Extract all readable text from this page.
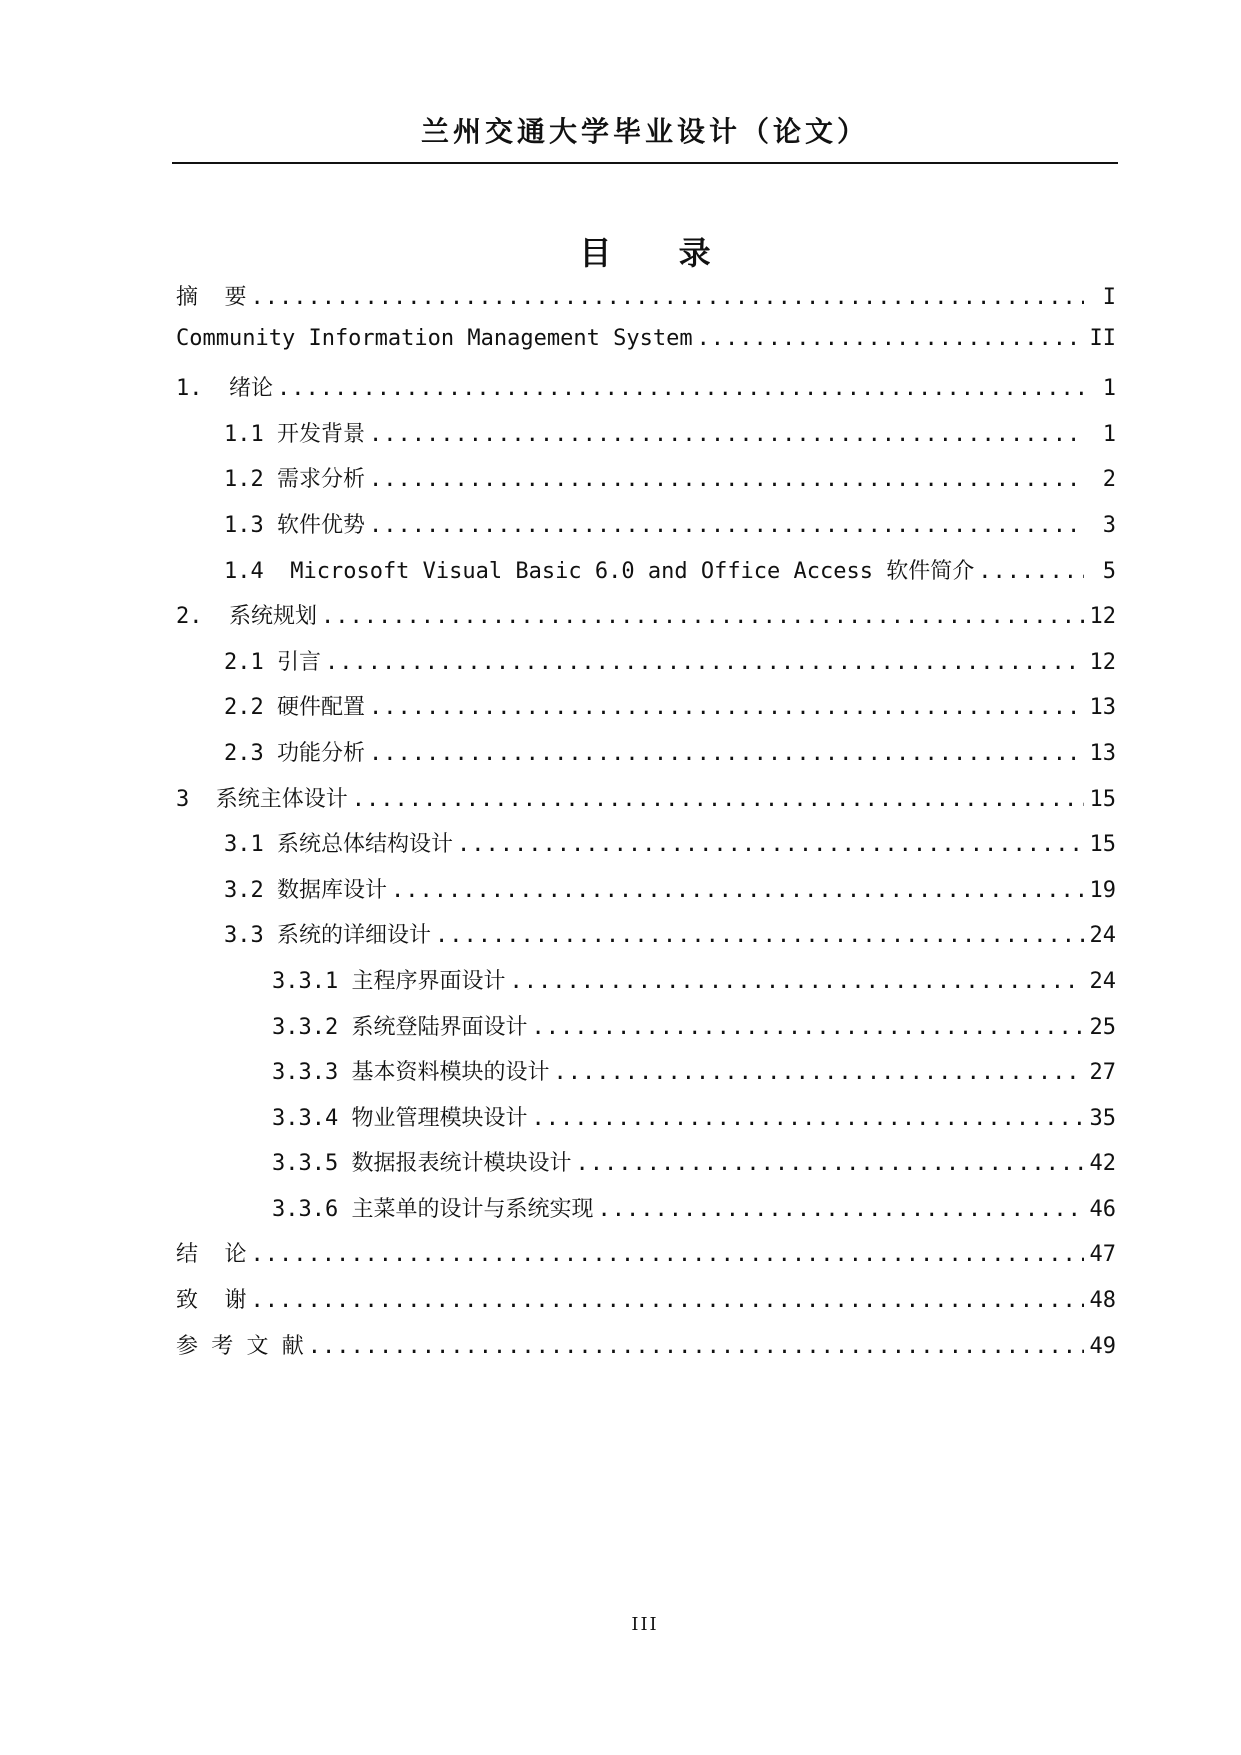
兰州交通大学毕业设计（论文）
目 录
摘  要 .....	I
Community Information Management System .....	II
1.  绪论 .....	1
1.1 开发背景 .....	1
1.2 需求分析 .....	2
1.3 软件优势 .....	3
1.4  Microsoft Visual Basic 6.0 and Office Access 软件简介 .....	5
2.  系统规划 .....	12
2.1 引言 .....	12
2.2 硬件配置 .....	13
2.3 功能分析 .....	13
3  系统主体设计 .....	15
3.1 系统总体结构设计 .....	15
3.2 数据库设计 .....	19
3.3 系统的详细设计 .....	24
3.3.1 主程序界面设计 .....	24
3.3.2 系统登陆界面设计 .....	25
3.3.3 基本资料模块的设计 .....	27
3.3.4 物业管理模块设计 .....	35
3.3.5 数据报表统计模块设计 .....	42
3.3.6 主菜单的设计与系统实现 .....	46
结  论 .....	47
致  谢 .....	48
参 考 文 献 .....	49
III
